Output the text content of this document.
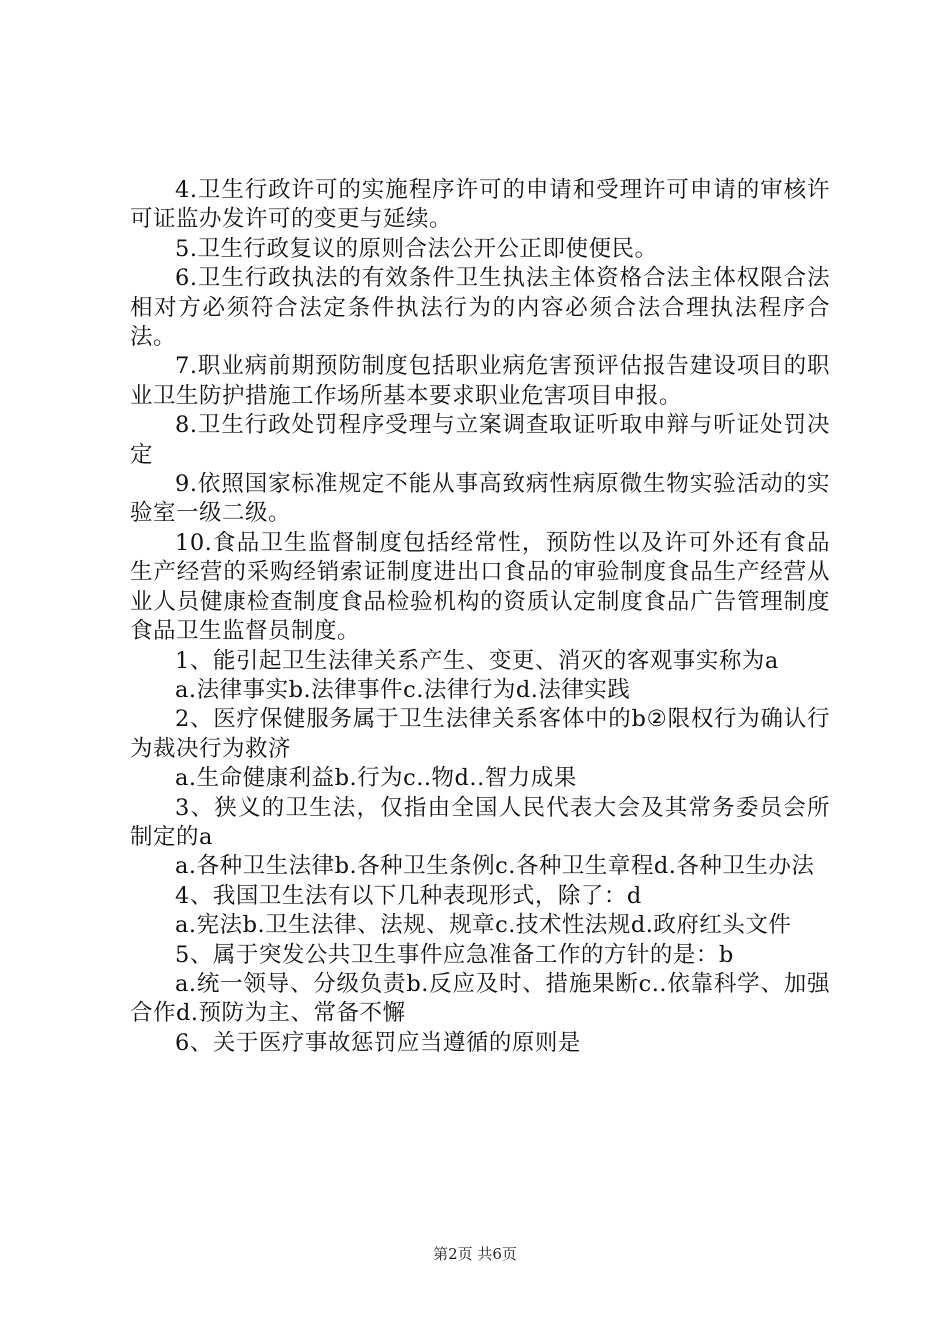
4.卫生行政许可的实施程序许可的申请和受理许可申请的审核许可证监办发许可的变更与延续。

5.卫生行政复议的原则合法公开公正即使便民。

6.卫生行政执法的有效条件卫生执法主体资格合法主体权限合法相对方必须符合法定条件执法行为的内容必须合法合理执法程序合法。

7.职业病前期预防制度包括职业病危害预评估报告建设项目的职业卫生防护措施工作场所基本要求职业危害项目申报。

8.卫生行政处罚程序受理与立案调查取证听取申辩与听证处罚决定

9.依照国家标准规定不能从事高致病性病原微生物实验活动的实验室一级二级。

10.食品卫生监督制度包括经常性，预防性以及许可外还有食品生产经营的采购经销索证制度进出口食品的审验制度食品生产经营从业人员健康检查制度食品检验机构的资质认定制度食品广告管理制度食品卫生监督员制度。

1、能引起卫生法律关系产生、变更、消灭的客观事实称为a

a.法律事实b.法律事件c.法律行为d.法律实践

2、医疗保健服务属于卫生法律关系客体中的b②限权行为确认行为裁决行为救济

a.生命健康利益b.行为c..物d..智力成果

3、狭义的卫生法，仅指由全国人民代表大会及其常务委员会所制定的a

a.各种卫生法律b.各种卫生条例c.各种卫生章程d.各种卫生办法

4、我国卫生法有以下几种表现形式，除了：d

a.宪法b.卫生法律、法规、规章c.技术性法规d.政府红头文件

5、属于突发公共卫生事件应急准备工作的方针的是：b

a.统一领导、分级负责b.反应及时、措施果断c..依靠科学、加强合作d.预防为主、常备不懈

6、关于医疗事故惩罚应当遵循的原则是

第2页 共6页
